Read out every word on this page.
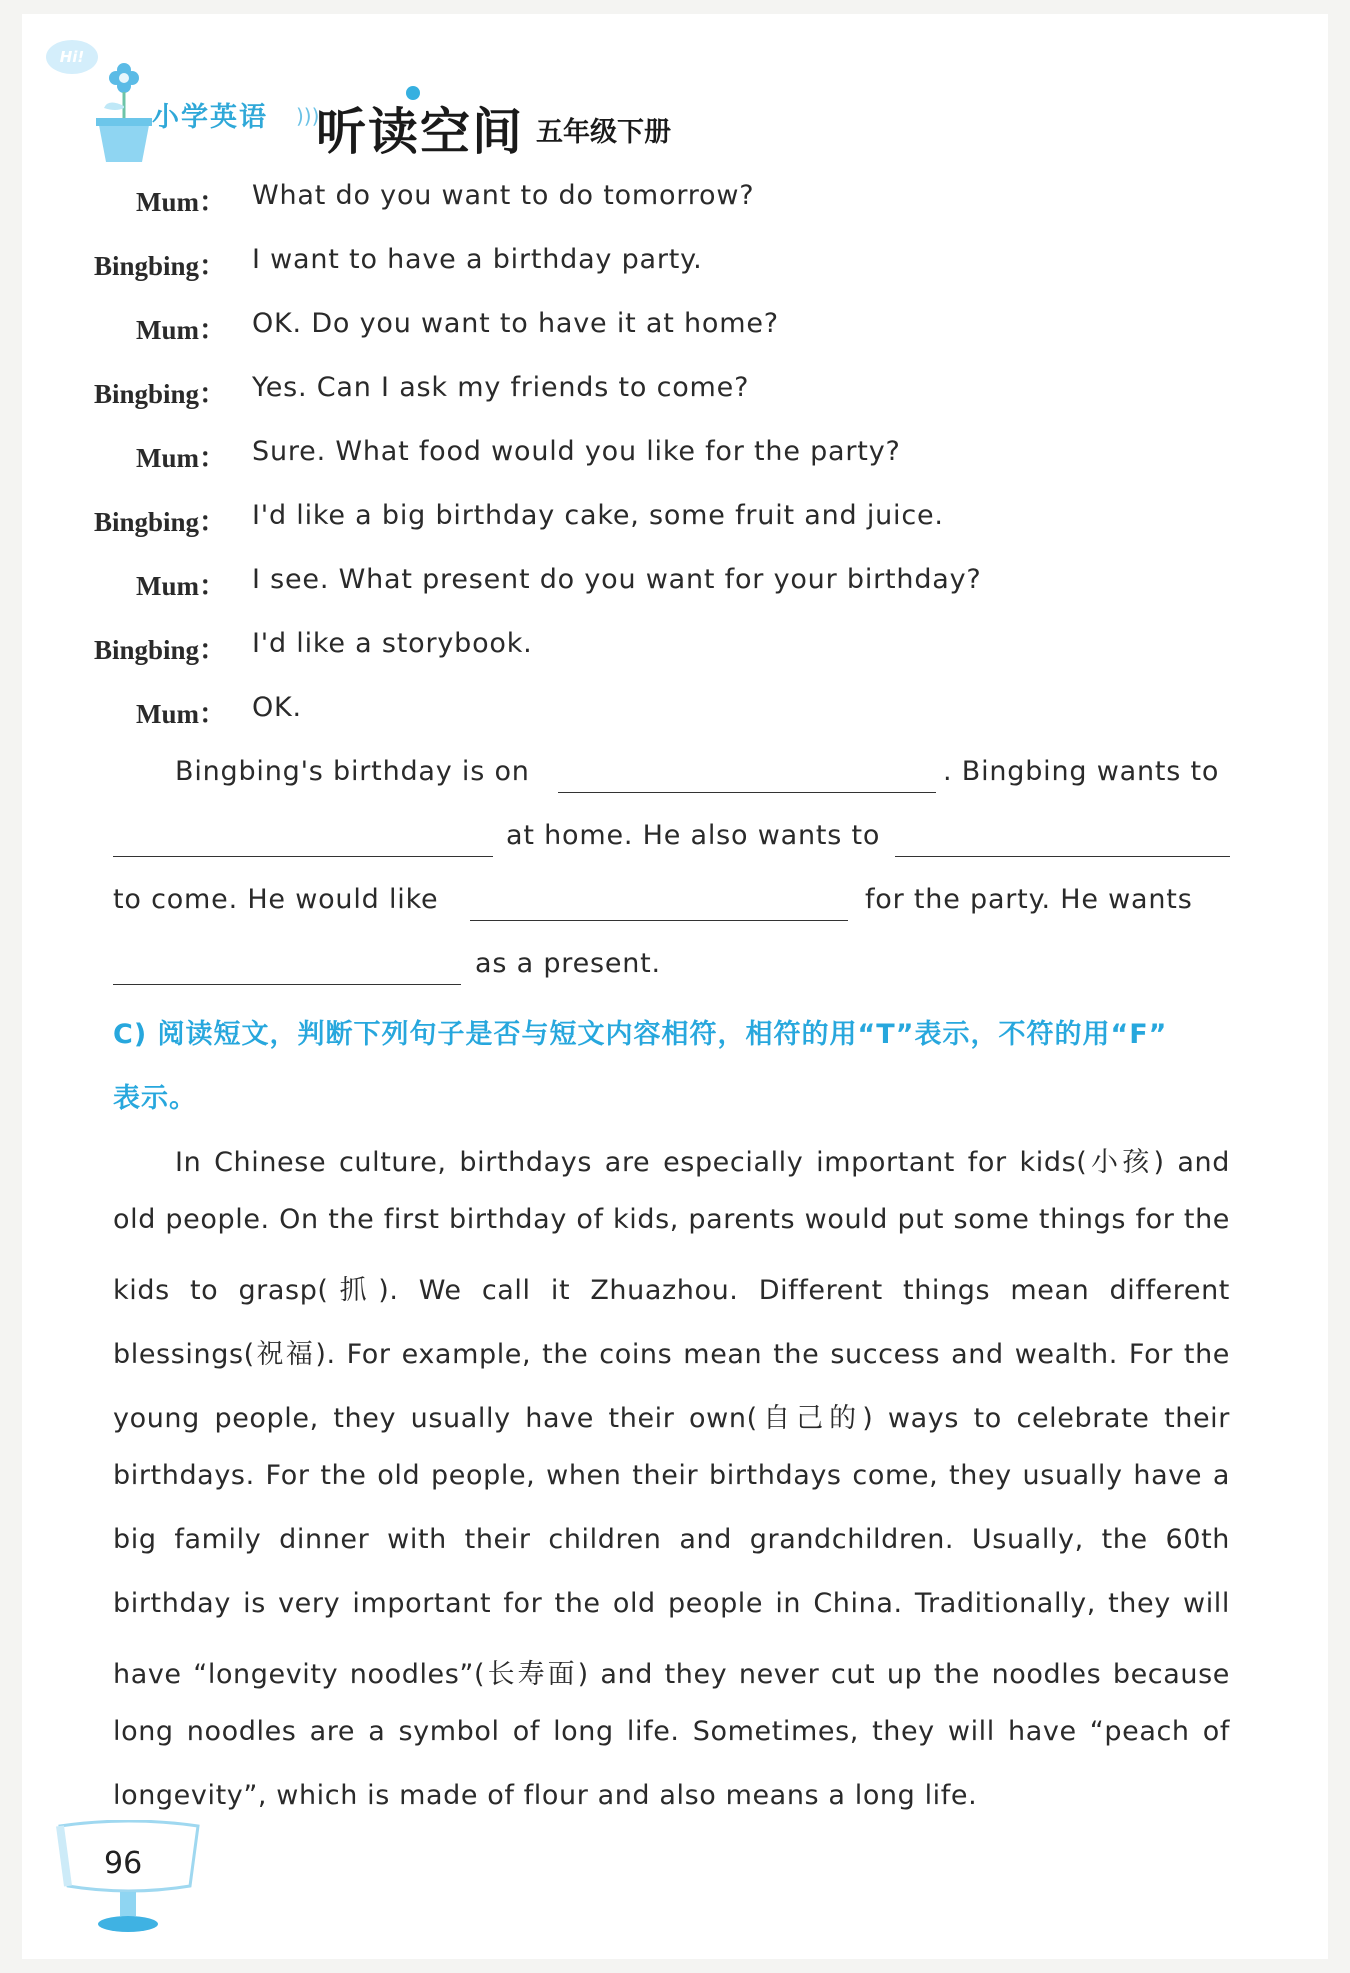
Hi!
小学英语 )))
听读空间 五年级下册
Mum ：	What do you want to do tomorrow?
Bingbing ：	I want to have a birthday party.
Mum ：	OK. Do you want to have it at home?
Bingbing ：	Yes. Can I ask my friends to come?
Mum ：	Sure. What food would you like for the party?
Bingbing ：	I'd like a big birthday cake, some fruit and juice.
Mum ：	I see. What present do you want for your birthday?
Bingbing ：	I'd like a storybook.
Mum ：	OK.
Bingbing's birthday is on	. Bingbing wants to
at home. He also wants to
to come. He would like	for the party. He wants
as a present.
C) 阅读短文，判断下列句子是否与短文内容相符，相符的用“T”表示，不符的用“F”
表示。
In Chinese culture, birthdays are especially important for kids(小孩) and
old people. On the first birthday of kids, parents would put some things for the
kids to grasp(抓). We call it Zhuazhou. Different things mean different
blessings(祝福). For example, the coins mean the success and wealth. For the
young people, they usually have their own(自己的) ways to celebrate their
birthdays. For the old people, when their birthdays come, they usually have a
big family dinner with their children and grandchildren. Usually, the 60th
birthday is very important for the old people in China. Traditionally, they will
have “longevity noodles”(长寿面) and they never cut up the noodles because
long noodles are a symbol of long life. Sometimes, they will have “peach of
longevity”, which is made of flour and also means a long life.
96
